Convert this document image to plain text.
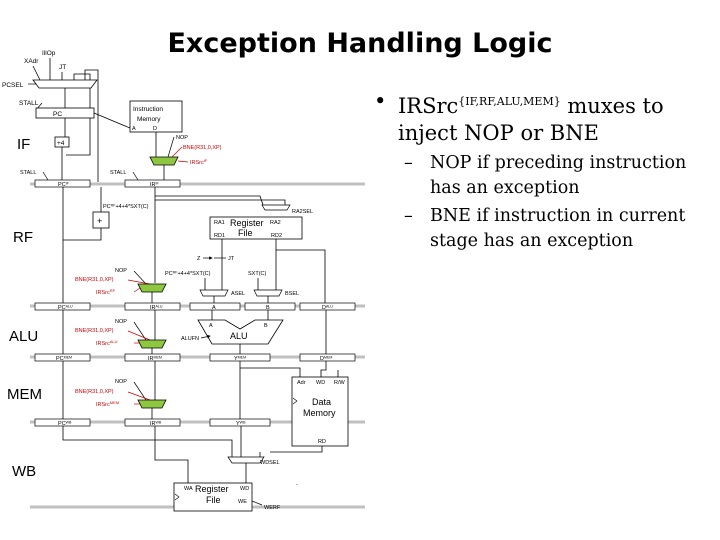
Exception Handling Logic
IF
RF
ALU
MEM
WB
IllOp
XAdr
JT
PCSEL
STALL
PC
+4
Instruction
Memory
A	D
NOP
BNE(R31,0,XP)
IRSrc$^{IF}$
STALL
$PC^{IF}$
STALL
$IR^{IF}$
+
$PC^{RF}+4+4*SXT(C)$
RA2SEL
Register
File
RA1	RA2
RD1	RD2
Z	JT
$PC^{RF}+4+4*SXT(C)$	SXT(C)
ASEL	BSEL
NOP
BNE(R31,0,XP)
IRSrc$^{RF}$
$PC^{ALU}$	$IR^{ALU}$	A	B	$D^{ALU}$
A	B
ALU
ALUFN
NOP
BNE(R31,0,XP)
IRSrc$^{ALU}$
$PC^{MEM}$	$IR^{MEM}$	$Y^{MEM}$	$D^{MEM}$
Adr WD R/W
Data
Memory
RD
NOP
BNE(R31,0,XP)
IRSrc$^{MEM}$
$PC^{WB}$	$IR^{WB}$	$Y^{WB}$
WDSEL
Register
File
WA	WD
WE
WERF
`
• IRSrc$^{\{IF,RF,ALU,MEM\}}$ muxes to inject NOP or BNE
– NOP if preceding instruction has an exception
– BNE if instruction in current stage has an exception
